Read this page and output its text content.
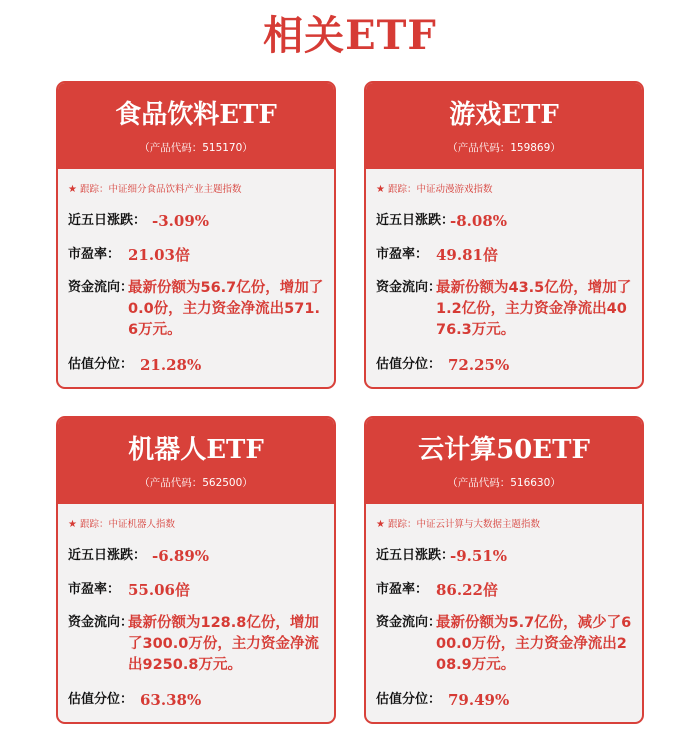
相关ETF
食品饮料ETF
（产品代码：515170）
★ 跟踪：中证细分食品饮料产业主题指数
近五日涨跌： -3.09%
市盈率： 21.03倍
资金流向：
最新份额为56.7亿份，增加了0.0份，主力资金净流出571.6万元。
估值分位： 21.28%
游戏ETF
（产品代码：159869）
★ 跟踪：中证动漫游戏指数
近五日涨跌：
-8.08%
市盈率： 49.81倍
资金流向：
最新份额为43.5亿份，增加了1.2亿份，主力资金净流出4076.3万元。
估值分位： 72.25%
机器人ETF
（产品代码：562500）
★ 跟踪：中证机器人指数
近五日涨跌： -6.89%
市盈率： 55.06倍
资金流向：
最新份额为128.8亿份，增加了300.0万份，主力资金净流出9250.8万元。
估值分位： 63.38%
云计算50ETF
（产品代码：516630）
★ 跟踪：中证云计算与大数据主题指数
近五日涨跌：
-9.51%
市盈率： 86.22倍
资金流向：
最新份额为5.7亿份，减少了600.0万份，主力资金净流出208.9万元。
估值分位： 79.49%
